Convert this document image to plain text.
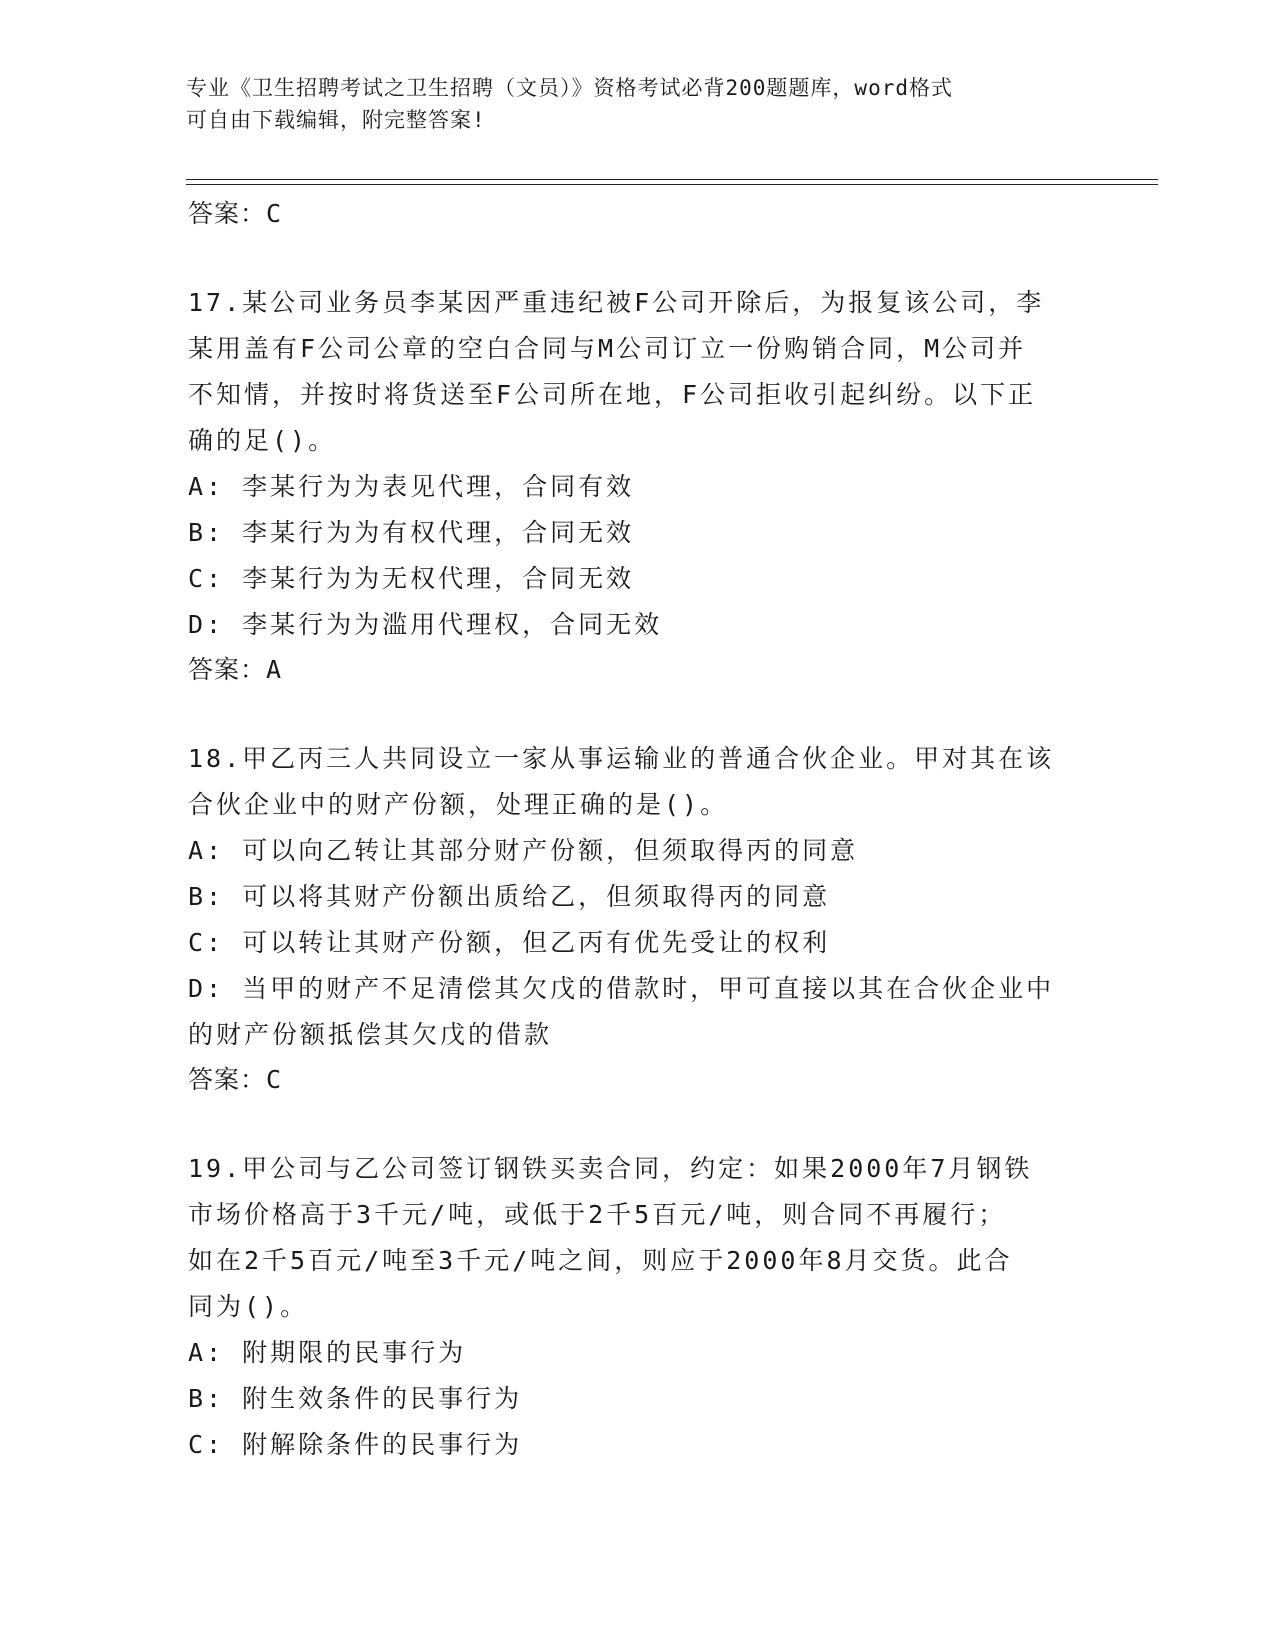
专业《卫生招聘考试之卫生招聘（文员）》资格考试必背200题题库，word格式
可自由下载编辑，附完整答案!

答案：C

17.某公司业务员李某因严重违纪被F公司开除后，为报复该公司，李

某用盖有F公司公章的空白合同与M公司订立一份购销合同，M公司并

不知情，并按时将货送至F公司所在地，F公司拒收引起纠纷。以下正

确的足()。

A: 李某行为为表见代理，合同有效

B: 李某行为为有权代理，合同无效

C: 李某行为为无权代理，合同无效

D: 李某行为为滥用代理权，合同无效

答案：A

18.甲乙丙三人共同设立一家从事运输业的普通合伙企业。甲对其在该

合伙企业中的财产份额，处理正确的是()。

A: 可以向乙转让其部分财产份额，但须取得丙的同意

B: 可以将其财产份额出质给乙，但须取得丙的同意

C: 可以转让其财产份额，但乙丙有优先受让的权利

D: 当甲的财产不足清偿其欠戊的借款时，甲可直接以其在合伙企业中

的财产份额抵偿其欠戊的借款

答案：C

19.甲公司与乙公司签订钢铁买卖合同，约定：如果2000年7月钢铁

市场价格高于3千元/吨，或低于2千5百元/吨，则合同不再履行；

如在2千5百元/吨至3千元/吨之间，则应于2000年8月交货。此合

同为()。

A: 附期限的民事行为

B: 附生效条件的民事行为

C: 附解除条件的民事行为
